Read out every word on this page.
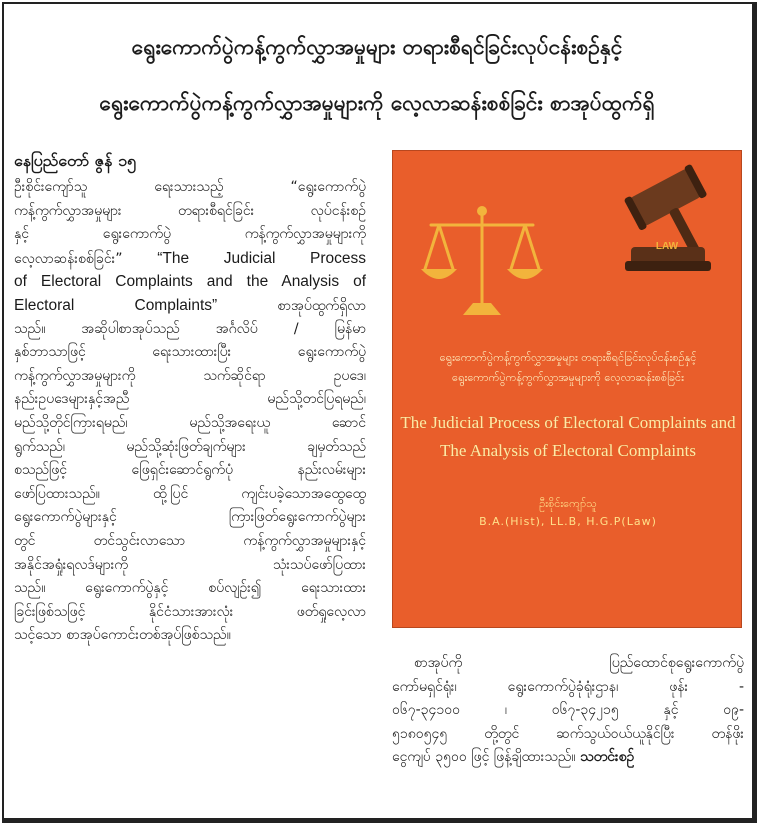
ရွေးကောက်ပွဲကန့်ကွက်လွှာအမှုများ တရားစီရင်ခြင်းလုပ်ငန်းစဉ်နှင့်
ရွေးကောက်ပွဲကန့်ကွက်လွှာအမှုများကို လေ့လာဆန်းစစ်ခြင်း စာအုပ်ထွက်ရှိ
နေပြည်တော် ဇွန် ၁၅
ဦးစိုင်းကျော်သူ ရေးသားသည့် “ရွေးကောက်ပွဲ
ကန့်ကွက်လွှာအမှုများ တရားစီရင်ခြင်း လုပ်ငန်းစဉ်
နှင့် ရွေးကောက်ပွဲ ကန့်ကွက်လွှာအမှုများကို
လေ့လာဆန်းစစ်ခြင်း” “The Judicial Process
of Electoral Complaints and the Analysis of
Electoral Complaints” စာအုပ်ထွက်ရှိလာ
သည်။ အဆိုပါစာအုပ်သည် အင်္ဂလိပ် / မြန်မာ
နှစ်ဘာသာဖြင့် ရေးသားထားပြီး ရွေးကောက်ပွဲ
ကန့်ကွက်လွှာအမှုများကို သက်ဆိုင်ရာ ဥပဒေ၊
နည်းဥပဒေများနှင့်အညီ မည်သို့တင်ပြရမည်၊
မည်သို့တိုင်ကြားရမည်၊ မည်သို့အရေးယူ ဆောင်
ရွက်သည်၊ မည်သို့ဆုံးဖြတ်ချက်များ ချမှတ်သည်
စသည်ဖြင့် ဖြေရှင်းဆောင်ရွက်ပုံ နည်းလမ်းများ
ဖော်ပြထားသည်။ ထို့ပြင် ကျင်းပခဲ့သောအထွေထွေ
ရွေးကောက်ပွဲများနှင့် ကြားဖြတ်ရွေးကောက်ပွဲများ
တွင် တင်သွင်းလာသော ကန့်ကွက်လွှာအမှုများနှင့်
အနိုင်အရှုံးရလဒ်များကို သုံးသပ်ဖော်ပြထား
သည်။ ရွေးကောက်ပွဲနှင့် စပ်လျဉ်း၍ ရေးသားထား
ခြင်းဖြစ်သဖြင့် နိုင်ငံသားအားလုံး ဖတ်ရှုလေ့လာ
သင့်သော စာအုပ်ကောင်းတစ်အုပ်ဖြစ်သည်။
LAW
ရွေးကောက်ပွဲကန့်ကွက်လွှာအမှုများ တရားစီရင်ခြင်းလုပ်ငန်းစဉ်နှင့်
ရွေးကောက်ပွဲကန့်ကွက်လွှာအမှုများကို လေ့လာဆန်းစစ်ခြင်း
The Judicial Process of Electoral Complaints and
The Analysis of Electoral Complaints
ဦးစိုင်းကျော်သူ
B.A.(Hist), LL.B, H.G.P(Law)
စာအုပ်ကို ပြည်ထောင်စုရွေးကောက်ပွဲ
ကော်မရှင်ရုံး၊ ရွေးကောက်ပွဲခုံရုံးဌာန၊ ဖုန်း -
၀၆၇-၃၄၁၀၀ ၊ ၀၆၇-၃၄၂၁၅ နှင့် ၀၉-
၅၁၈၀၅၄၅ တို့တွင် ဆက်သွယ်ဝယ်ယူနိုင်ပြီး တန်ဖိုး
ငွေကျပ် ၃၅၀၀ ဖြင့် ဖြန့်ချိထားသည်။ သတင်းစဉ်
